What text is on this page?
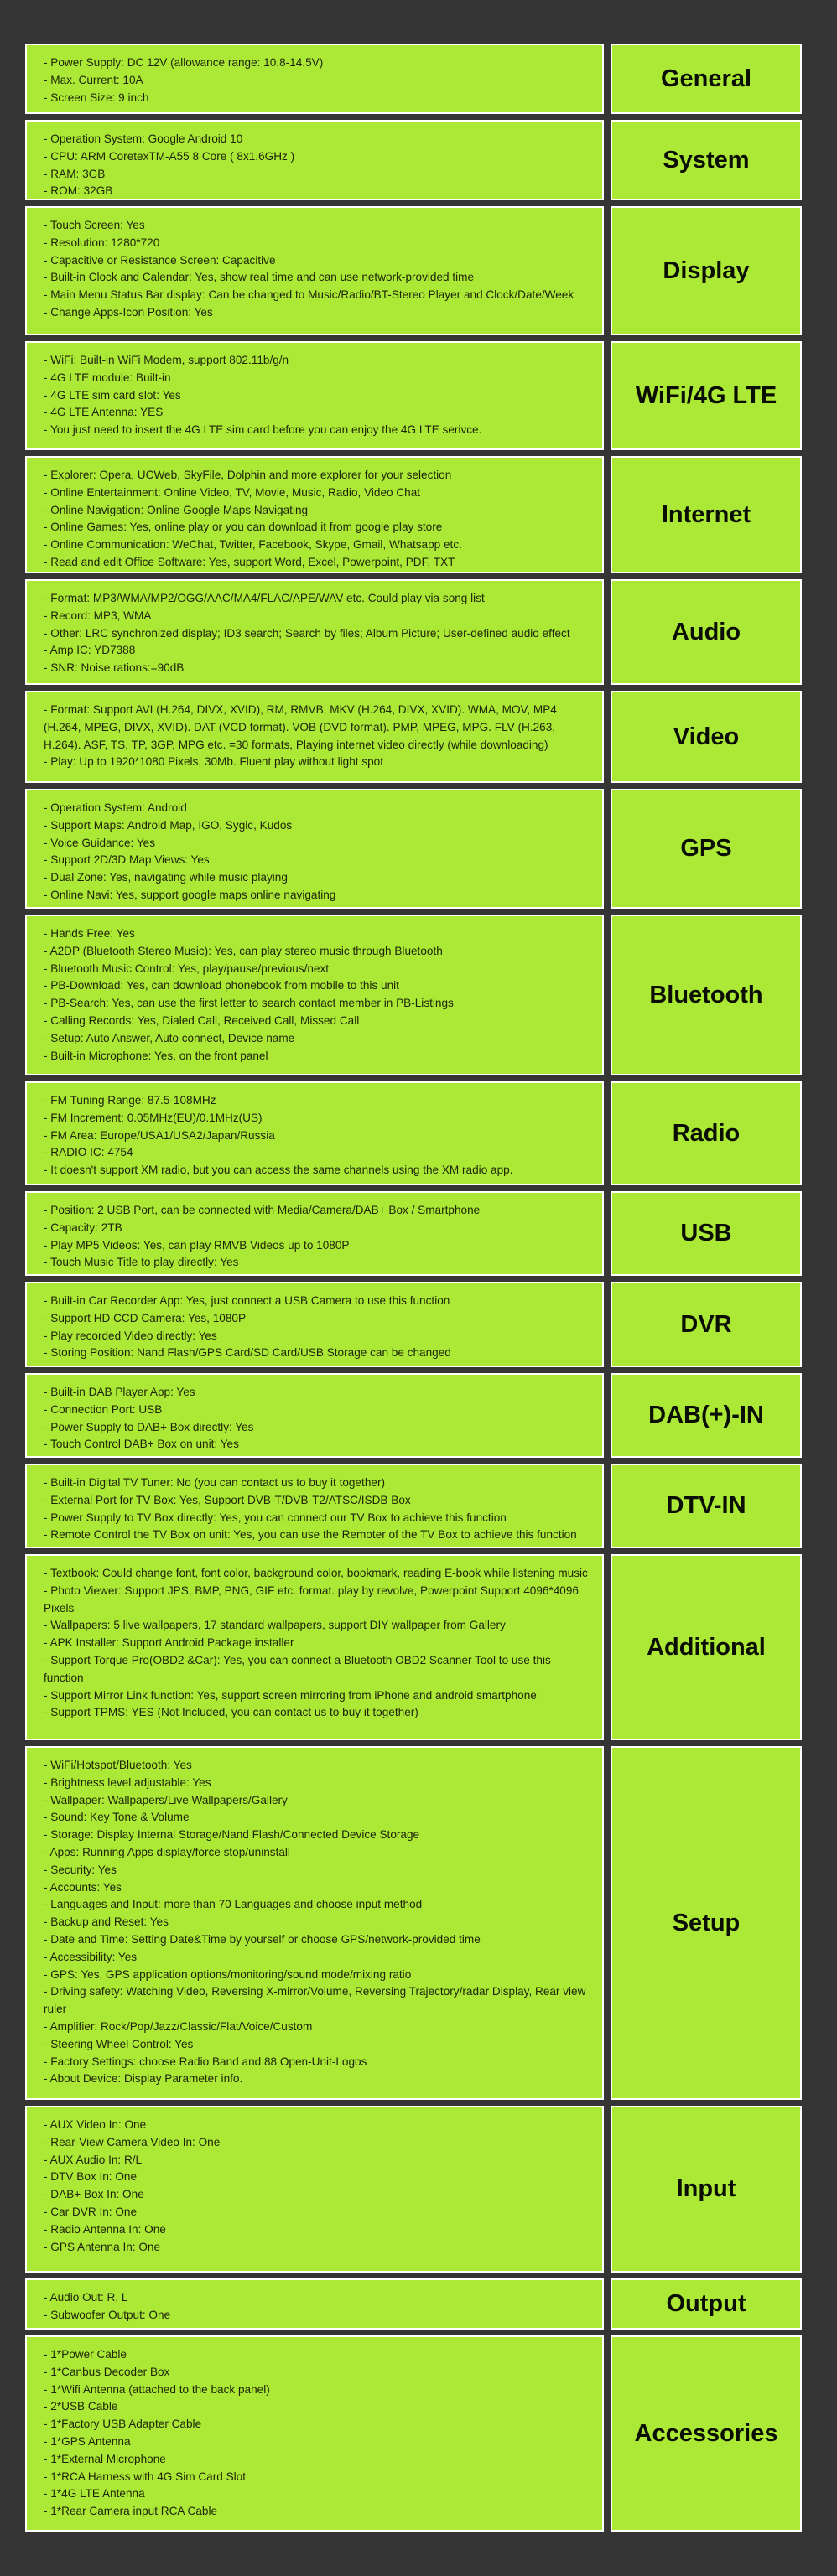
- Power Supply: DC 12V (allowance range: 10.8-14.5V)
- Max. Current: 10A
- Screen Size: 9 inch
General
- Operation System: Google Android 10
- CPU: ARM CoretexTM-A55 8 Core ( 8x1.6GHz )
- RAM: 3GB
- ROM: 32GB
System
- Touch Screen: Yes
- Resolution: 1280*720
- Capacitive or Resistance Screen: Capacitive
- Built-in Clock and Calendar: Yes, show real time and can use network-provided time
- Main Menu Status Bar display: Can be changed to Music/Radio/BT-Stereo Player and Clock/Date/Week
- Change Apps-Icon Position: Yes
Display
- WiFi: Built-in WiFi Modem, support 802.11b/g/n
- 4G LTE module: Built-in
- 4G LTE sim card slot: Yes
- 4G LTE Antenna: YES
- You just need to insert the 4G LTE sim card before you can enjoy the 4G LTE serivce.
WiFi/4G LTE
- Explorer: Opera, UCWeb, SkyFile, Dolphin and more explorer for your selection
- Online Entertainment: Online Video, TV, Movie, Music, Radio, Video Chat
- Online Navigation: Online Google Maps Navigating
- Online Games: Yes, online play or you can download it from google play store
- Online Communication: WeChat, Twitter, Facebook, Skype, Gmail, Whatsapp etc.
- Read and edit Office Software: Yes, support Word, Excel, Powerpoint, PDF, TXT
Internet
- Format: MP3/WMA/MP2/OGG/AAC/MA4/FLAC/APE/WAV etc. Could play via song list
- Record: MP3, WMA
- Other: LRC synchronized display; ID3 search; Search by files; Album Picture; User-defined audio effect
- Amp IC: YD7388
- SNR: Noise rations:=90dB
Audio
- Format: Support AVI (H.264, DIVX, XVID), RM, RMVB, MKV (H.264, DIVX, XVID). WMA, MOV, MP4 (H.264, MPEG, DIVX, XVID). DAT (VCD format). VOB (DVD format). PMP, MPEG, MPG. FLV (H.263, H.264). ASF, TS, TP, 3GP, MPG etc. =30 formats, Playing internet video directly (while downloading)
- Play: Up to 1920*1080 Pixels, 30Mb. Fluent play without light spot
Video
- Operation System: Android
- Support Maps: Android Map, IGO, Sygic, Kudos
- Voice Guidance: Yes
- Support 2D/3D Map Views: Yes
- Dual Zone: Yes, navigating while music playing
- Online Navi: Yes, support google maps online navigating
GPS
- Hands Free: Yes
- A2DP (Bluetooth Stereo Music): Yes, can play stereo music through Bluetooth
- Bluetooth Music Control: Yes, play/pause/previous/next
- PB-Download: Yes, can download phonebook from mobile to this unit
- PB-Search: Yes, can use the first letter to search contact member in PB-Listings
- Calling Records: Yes, Dialed Call, Received Call, Missed Call
- Setup: Auto Answer, Auto connect, Device name
- Built-in Microphone: Yes, on the front panel
Bluetooth
- FM Tuning Range: 87.5-108MHz
- FM Increment: 0.05MHz(EU)/0.1MHz(US)
- FM Area: Europe/USA1/USA2/Japan/Russia
- RADIO IC: 4754
- It doesn't support XM radio, but you can access the same channels using the XM radio app.
Radio
- Position: 2 USB Port, can be connected with Media/Camera/DAB+ Box / Smartphone
- Capacity: 2TB
- Play MP5 Videos: Yes, can play RMVB Videos up to 1080P
- Touch Music Title to play directly: Yes
USB
- Built-in Car Recorder App: Yes, just connect a USB Camera to use this function
- Support HD CCD Camera: Yes, 1080P
- Play recorded Video directly: Yes
- Storing Position: Nand Flash/GPS Card/SD Card/USB Storage can be changed
DVR
- Built-in DAB Player App: Yes
- Connection Port: USB
- Power Supply to DAB+ Box directly: Yes
- Touch Control DAB+ Box on unit: Yes
DAB(+)-IN
- Built-in Digital TV Tuner: No (you can contact us to buy it together)
- External Port for TV Box: Yes, Support DVB-T/DVB-T2/ATSC/ISDB Box
- Power Supply to TV Box directly: Yes, you can connect our TV Box to achieve this function
- Remote Control the TV Box on unit: Yes, you can use the Remoter of the TV Box to achieve this function
DTV-IN
- Textbook: Could change font, font color, background color, bookmark, reading E-book while listening music
- Photo Viewer: Support JPS, BMP, PNG, GIF etc. format. play by revolve, Powerpoint Support 4096*4096 Pixels
- Wallpapers: 5 live wallpapers, 17 standard wallpapers, support DIY wallpaper from Gallery
- APK Installer: Support Android Package installer
- Support Torque Pro(OBD2 &Car): Yes, you can connect a Bluetooth OBD2 Scanner Tool to use this function
- Support Mirror Link function: Yes, support screen mirroring from iPhone and android smartphone
- Support TPMS: YES (Not Included, you can contact us to buy it together)
Additional
- WiFi/Hotspot/Bluetooth: Yes
- Brightness level adjustable: Yes
- Wallpaper: Wallpapers/Live Wallpapers/Gallery
- Sound: Key Tone & Volume
- Storage: Display Internal Storage/Nand Flash/Connected Device Storage
- Apps: Running Apps display/force stop/uninstall
- Security: Yes
- Accounts: Yes
- Languages and Input: more than 70 Languages and choose input method
- Backup and Reset: Yes
- Date and Time: Setting Date&Time by yourself or choose GPS/network-provided time
- Accessibility: Yes
- GPS: Yes, GPS application options/monitoring/sound mode/mixing ratio
- Driving safety: Watching Video, Reversing X-mirror/Volume, Reversing Trajectory/radar Display, Rear view ruler
- Amplifier: Rock/Pop/Jazz/Classic/Flat/Voice/Custom
- Steering Wheel Control: Yes
- Factory Settings: choose Radio Band and 88 Open-Unit-Logos
- About Device: Display Parameter info.
Setup
- AUX Video In: One
- Rear-View Camera Video In: One
- AUX Audio In: R/L
- DTV Box In: One
- DAB+ Box In: One
- Car DVR In: One
- Radio Antenna In: One
- GPS Antenna In: One
Input
- Audio Out: R, L
- Subwoofer Output: One	Output
- 1*Power Cable
- 1*Canbus Decoder Box
- 1*Wifi Antenna (attached to the back panel)
- 2*USB Cable
- 1*Factory USB Adapter Cable
- 1*GPS Antenna
- 1*External Microphone
- 1*RCA Harness with 4G Sim Card Slot
- 1*4G LTE Antenna
- 1*Rear Camera input RCA Cable
Accessories
